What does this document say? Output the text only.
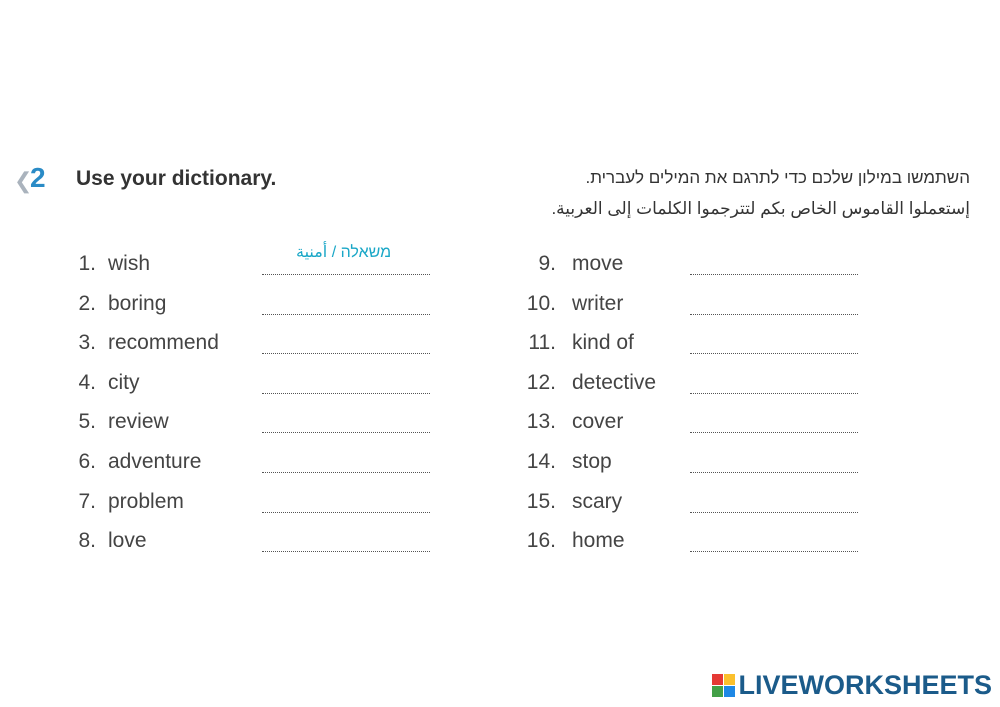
❮
2 Use your dictionary.	השתמשו במילון שלכם כדי לתרגם את המילים לעברית.
إستعملوا القاموس الخاص بكم لتترجموا الكلمات إلى العربية.
1. wish	משאלה / أمنية
2. boring
3. recommend
4. city
5. review
6. adventure
7. problem
8. love
9. move
10. writer
11. kind of
12. detective
13. cover
14. stop
15. scary
16. home
LIVEWORKSHEETS
